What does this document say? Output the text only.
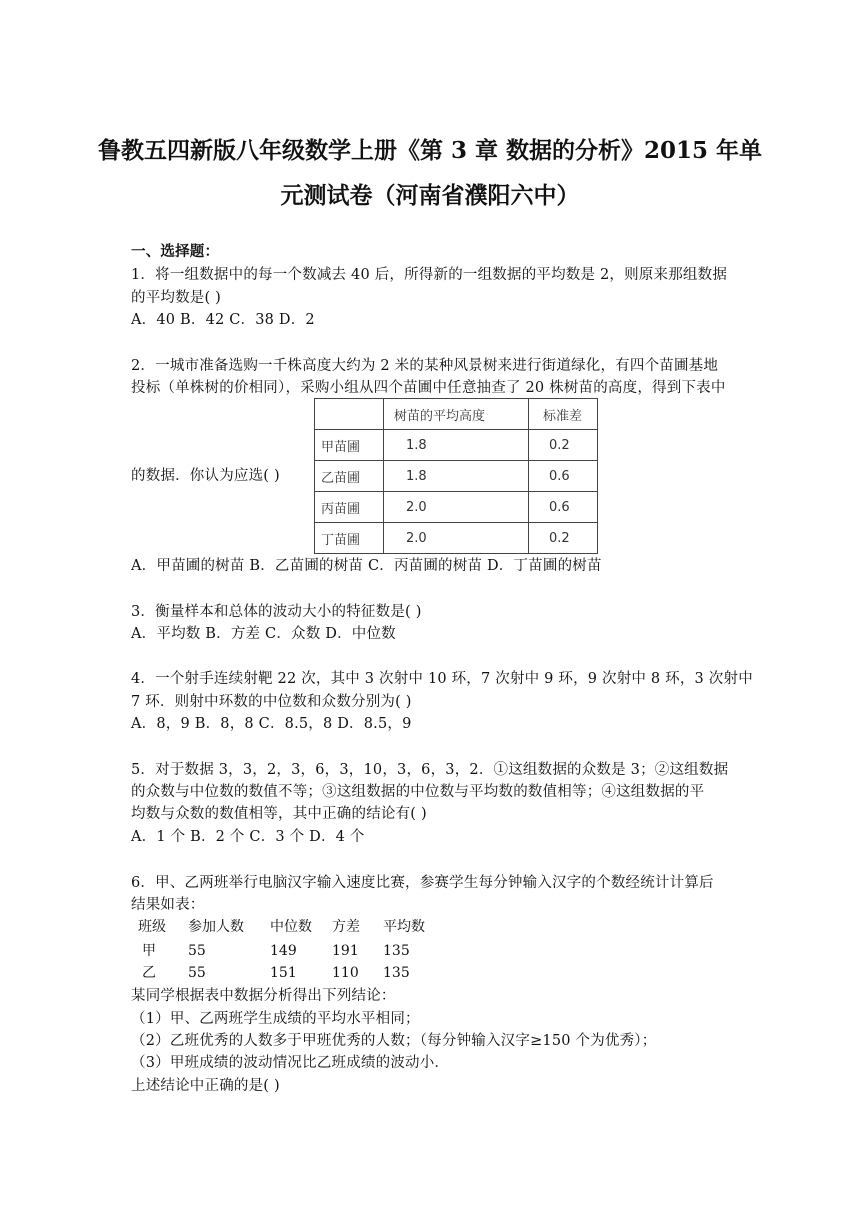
鲁教五四新版八年级数学上册《第 3 章 数据的分析》2015 年单
元测试卷（河南省濮阳六中）
一、选择题：
1．将一组数据中的每一个数减去 40 后，所得新的一组数据的平均数是 2，则原来那组数据
的平均数是( )
A．40 B．42 C．38 D．2
2．一城市准备选购一千株高度大约为 2 米的某种风景树来进行街道绿化，有四个苗圃基地
投标（单株树的价相同），采购小组从四个苗圃中任意抽查了 20 株树苗的高度，得到下表中
的数据．你认为应选( )
	树苗的平均高度	标准差
甲苗圃	1.8	0.2
乙苗圃	1.8	0.6
丙苗圃	2.0	0.6
丁苗圃	2.0	0.2
A．甲苗圃的树苗 B．乙苗圃的树苗 C．丙苗圃的树苗 D．丁苗圃的树苗
3．衡量样本和总体的波动大小的特征数是( )
A．平均数 B．方差 C．众数 D．中位数
4．一个射手连续射靶 22 次，其中 3 次射中 10 环，7 次射中 9 环，9 次射中 8 环，3 次射中
7 环．则射中环数的中位数和众数分别为( )
A．8，9 B．8，8 C．8.5，8 D．8.5，9
5．对于数据 3，3，2，3，6，3，10，3，6，3，2．①这组数据的众数是 3；②这组数据
的众数与中位数的数值不等；③这组数据的中位数与平均数的数值相等；④这组数据的平
均数与众数的数值相等，其中正确的结论有( )
A．1 个 B．2 个 C．3 个 D．4 个
6．甲、乙两班举行电脑汉字输入速度比赛，参赛学生每分钟输入汉字的个数经统计计算后
结果如表：
班级 参加人数 中位数 方差 平均数
甲 55	149	191 135
乙 55	151	110 135
某同学根据表中数据分析得出下列结论：
（1）甲、乙两班学生成绩的平均水平相同；
（2）乙班优秀的人数多于甲班优秀的人数；（每分钟输入汉字≥150 个为优秀）；
（3）甲班成绩的波动情况比乙班成绩的波动小．
上述结论中正确的是( )
